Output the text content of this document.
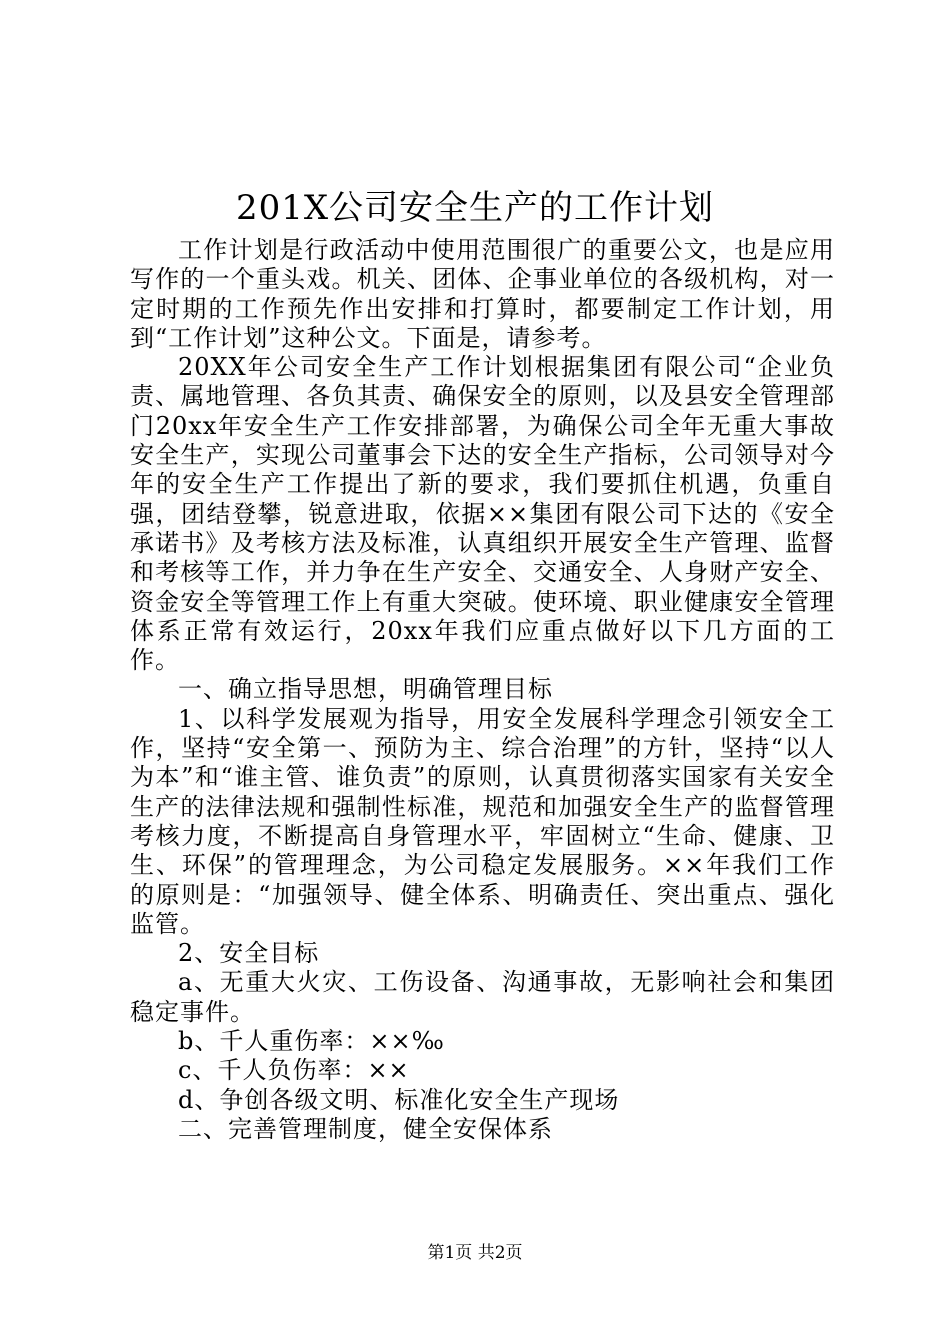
201X公司安全生产的工作计划

工作计划是行政活动中使用范围很广的重要公文，也是应用写作的一个重头戏。机关、团体、企事业单位的各级机构，对一定时期的工作预先作出安排和打算时，都要制定工作计划，用到“工作计划”这种公文。下面是，请参考。

20XX年公司安全生产工作计划根据集团有限公司“企业负责、属地管理、各负其责、确保安全的原则，以及县安全管理部门20xx年安全生产工作安排部署，为确保公司全年无重大事故安全生产，实现公司董事会下达的安全生产指标，公司领导对今年的安全生产工作提出了新的要求，我们要抓住机遇，负重自强，团结登攀，锐意进取，依据××集团有限公司下达的《安全承诺书》及考核方法及标准，认真组织开展安全生产管理、监督和考核等工作，并力争在生产安全、交通安全、人身财产安全、资金安全等管理工作上有重大突破。使环境、职业健康安全管理体系正常有效运行，20xx年我们应重点做好以下几方面的工作。

一、确立指导思想，明确管理目标

1、以科学发展观为指导，用安全发展科学理念引领安全工作，坚持“安全第一、预防为主、综合治理”的方针，坚持“以人为本”和“谁主管、谁负责”的原则，认真贯彻落实国家有关安全生产的法律法规和强制性标准，规范和加强安全生产的监督管理考核力度，不断提高自身管理水平，牢固树立“生命、健康、卫生、环保”的管理理念，为公司稳定发展服务。××年我们工作的原则是：“加强领导、健全体系、明确责任、突出重点、强化监管。

2、安全目标

a、无重大火灾、工伤设备、沟通事故，无影响社会和集团稳定事件。

b、千人重伤率：××‰

c、千人负伤率：××

d、争创各级文明、标准化安全生产现场

二、完善管理制度，健全安保体系

第1页 共2页
